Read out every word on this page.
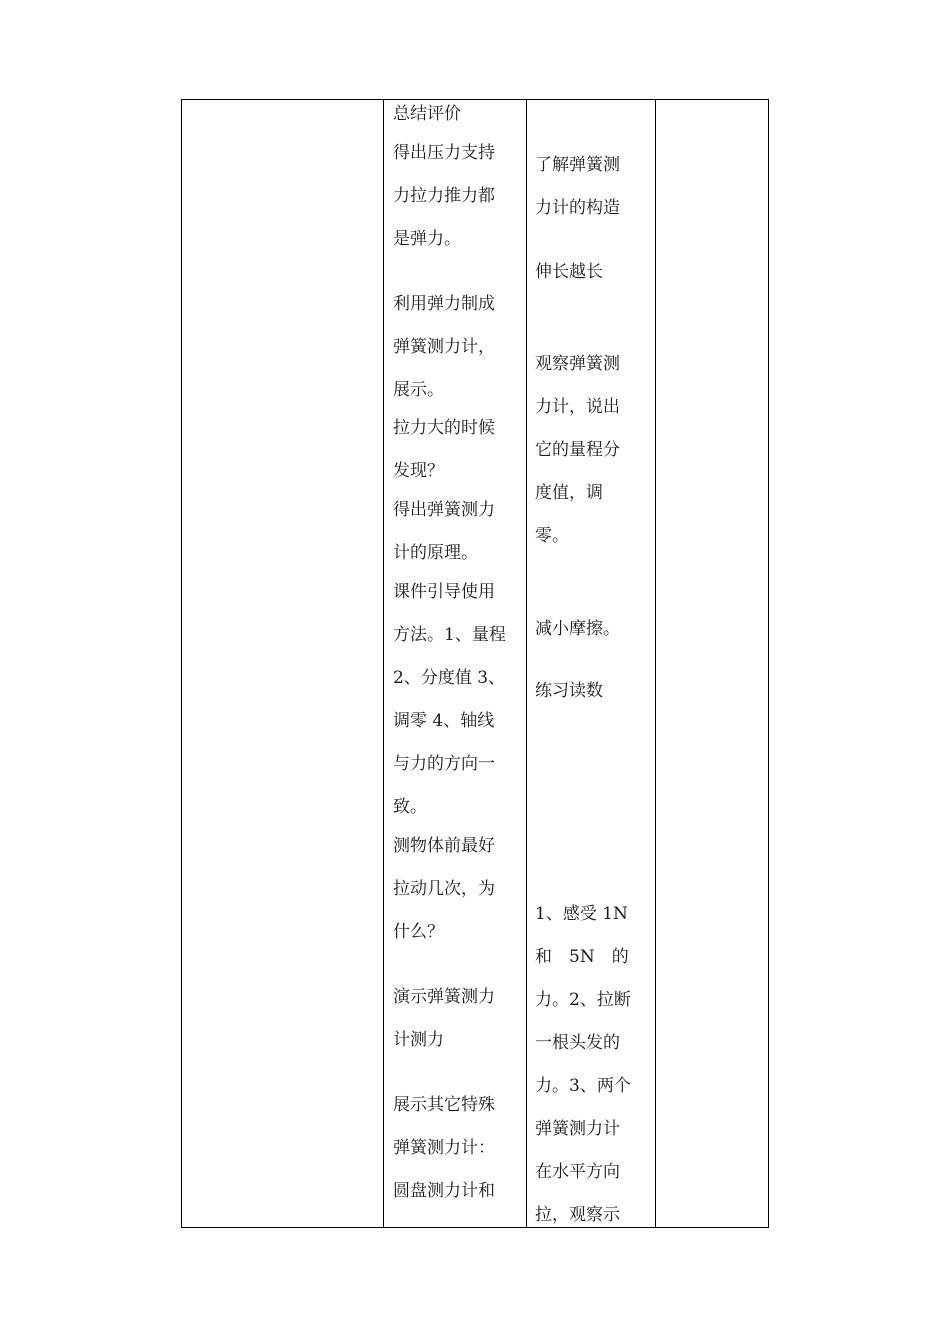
总结评价
得出压力支持
力拉力推力都
是弹力。
利用弹力制成
弹簧测力计，
展示。
拉力大的时候
发现？
得出弹簧测力
计的原理。
课件引导使用
方法。1、量程
2、分度值 3、
调零 4、轴线
与力的方向一
致。
测物体前最好
拉动几次，为
什么？
演示弹簧测力
计测力
展示其它特殊
弹簧测力计：
圆盘测力计和
了解弹簧测
力计的构造
伸长越长
观察弹簧测
力计，说出
它的量程分
度值，调
零。
减小摩擦。
练习读数
1、感受 1N
和　5N　的
力。2、拉断
一根头发的
力。3、两个
弹簧测力计
在水平方向
拉，观察示
